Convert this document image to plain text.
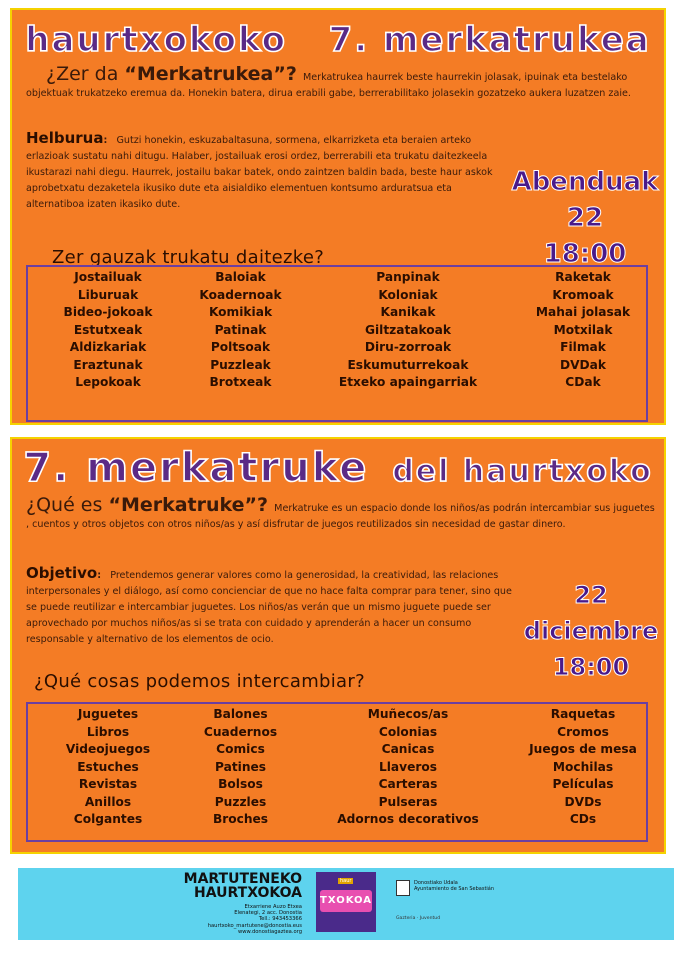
haurtxokoko 7. merkatrukea
¿Zer da “Merkatrukea”? Merkatrukea haurrek beste haurrekin jolasak, ipuinak eta bestelako objektuak trukatzeko eremua da. Honekin batera, dirua erabili gabe, berrerabilitako jolasekin gozatzeko aukera luzatzen zaie.
Helburua: Gutzi honekin, eskuzabaltasuna, sormena, elkarrizketa eta beraien arteko erlazioak sustatu nahi ditugu. Halaber, jostailuak erosi ordez, berrerabili eta trukatu daitezkeela ikustarazi nahi diegu. Haurrek, jostailu bakar batek, ondo zaintzen baldin bada, beste haur askok aprobetxatu dezaketela ikusiko dute eta aisialdiko elementuen kontsumo arduratsua eta alternatiboa izaten ikasiko dute.
Abenduak 22
18:00
Zer gauzak trukatu daitezke?
Jostailuak	Baloiak	Panpinak	Raketak
Liburuak	Koadernoak	Koloniak	Kromoak
Bideo-jokoak	Komikiak	Kanikak	Mahai jolasak
Estutxeak	Patinak	Giltzatakoak	Motxilak
Aldizkariak	Poltsoak	Diru-zorroak	Filmak
Eraztunak	Puzzleak	Eskumuturrekoak	DVDak
Lepokoak	Brotxeak	Etxeko apaingarriak	CDak
7. merkatruke del haurtxoko
¿Qué es “Merkatruke”? Merkatruke es un espacio donde los niños/as podrán intercambiar sus juguetes , cuentos y otros objetos con otros niños/as y así disfrutar de juegos reutilizados sin necesidad de gastar dinero.
Objetivo: Pretendemos generar valores como la generosidad, la creatividad, las relaciones interpersonales y el diálogo, así como concienciar de que no hace falta comprar para tener, sino que se puede reutilizar e intercambiar juguetes. Los niños/as verán que un mismo juguete puede ser aprovechado por muchos niños/as si se trata con cuidado y aprenderán a hacer un consumo responsable y alternativo de los elementos de ocio.
22 diciembre
18:00
¿Qué cosas podemos intercambiar?
Juguetes	Balones	Muñecos/as	Raquetas
Libros	Cuadernos	Colonias	Cromos
Videojuegos	Comics	Canicas	Juegos de mesa
Estuches	Patines	Llaveros	Mochilas
Revistas	Bolsos	Carteras	Películas
Anillos	Puzzles	Pulseras	DVDs
Colgantes	Broches	Adornos decorativos	CDs
MARTUTENEKO
HAURTXOKOA
Etxarriene Auzo Etxea
Elenategi, 2 acc. Donostia
Tell.: 943453366
haurtxoko_martutene@donostia.eus
www.donostiagaztea.org
haur
TXOKOA
Donostiako Udala
Ayuntamiento de San Sebastián
Gazteria · Juventud
